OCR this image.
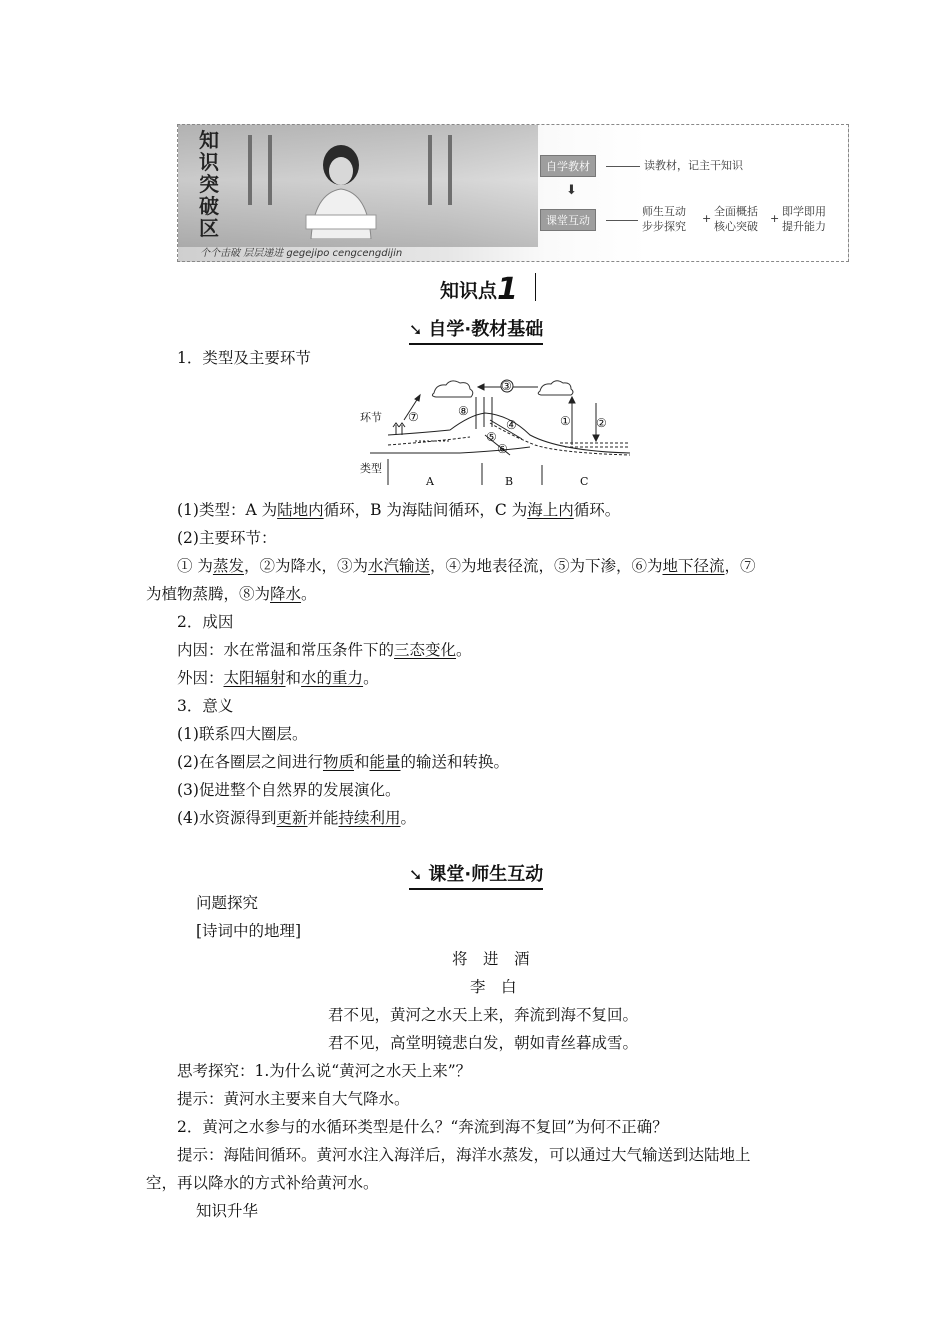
知
识
突
破
区
个个击破 层层递进 gegejipo cengcengdijin
自学教材	读教材，记主干知识
⬇
课堂互动
师生互动
步步探究
+
全面概括
核心突破
+
即学即用
提升能力
知识点1
➘ 自学·教材基础
1．类型及主要环节
环节
类型
A	B	C
① ②
③
④
⑤
⑥
⑦	⑧
(1)类型：A 为陆地内循环，B 为海陆间循环，C 为海上内循环。
(2)主要环节：
① 为蒸发，②为降水，③为水汽输送，④为地表径流，⑤为下渗，⑥为地下径流，⑦
为植物蒸腾，⑧为降水。
2．成因
内因：水在常温和常压条件下的三态变化。
外因：太阳辐射和水的重力。
3．意义
(1)联系四大圈层。
(2)在各圈层之间进行物质和能量的输送和转换。
(3)促进整个自然界的发展演化。
(4)水资源得到更新并能持续利用。
➘ 课堂·师生互动
问题探究
[诗词中的地理]
将　进　酒
李　白
君不见，黄河之水天上来，奔流到海不复回。
君不见，高堂明镜悲白发，朝如青丝暮成雪。
思考探究：1.为什么说“黄河之水天上来”？
提示：黄河水主要来自大气降水。
2．黄河之水参与的水循环类型是什么？“奔流到海不复回”为何不正确？
提示：海陆间循环。黄河水注入海洋后，海洋水蒸发，可以通过大气输送到达陆地上
空，再以降水的方式补给黄河水。
知识升华
